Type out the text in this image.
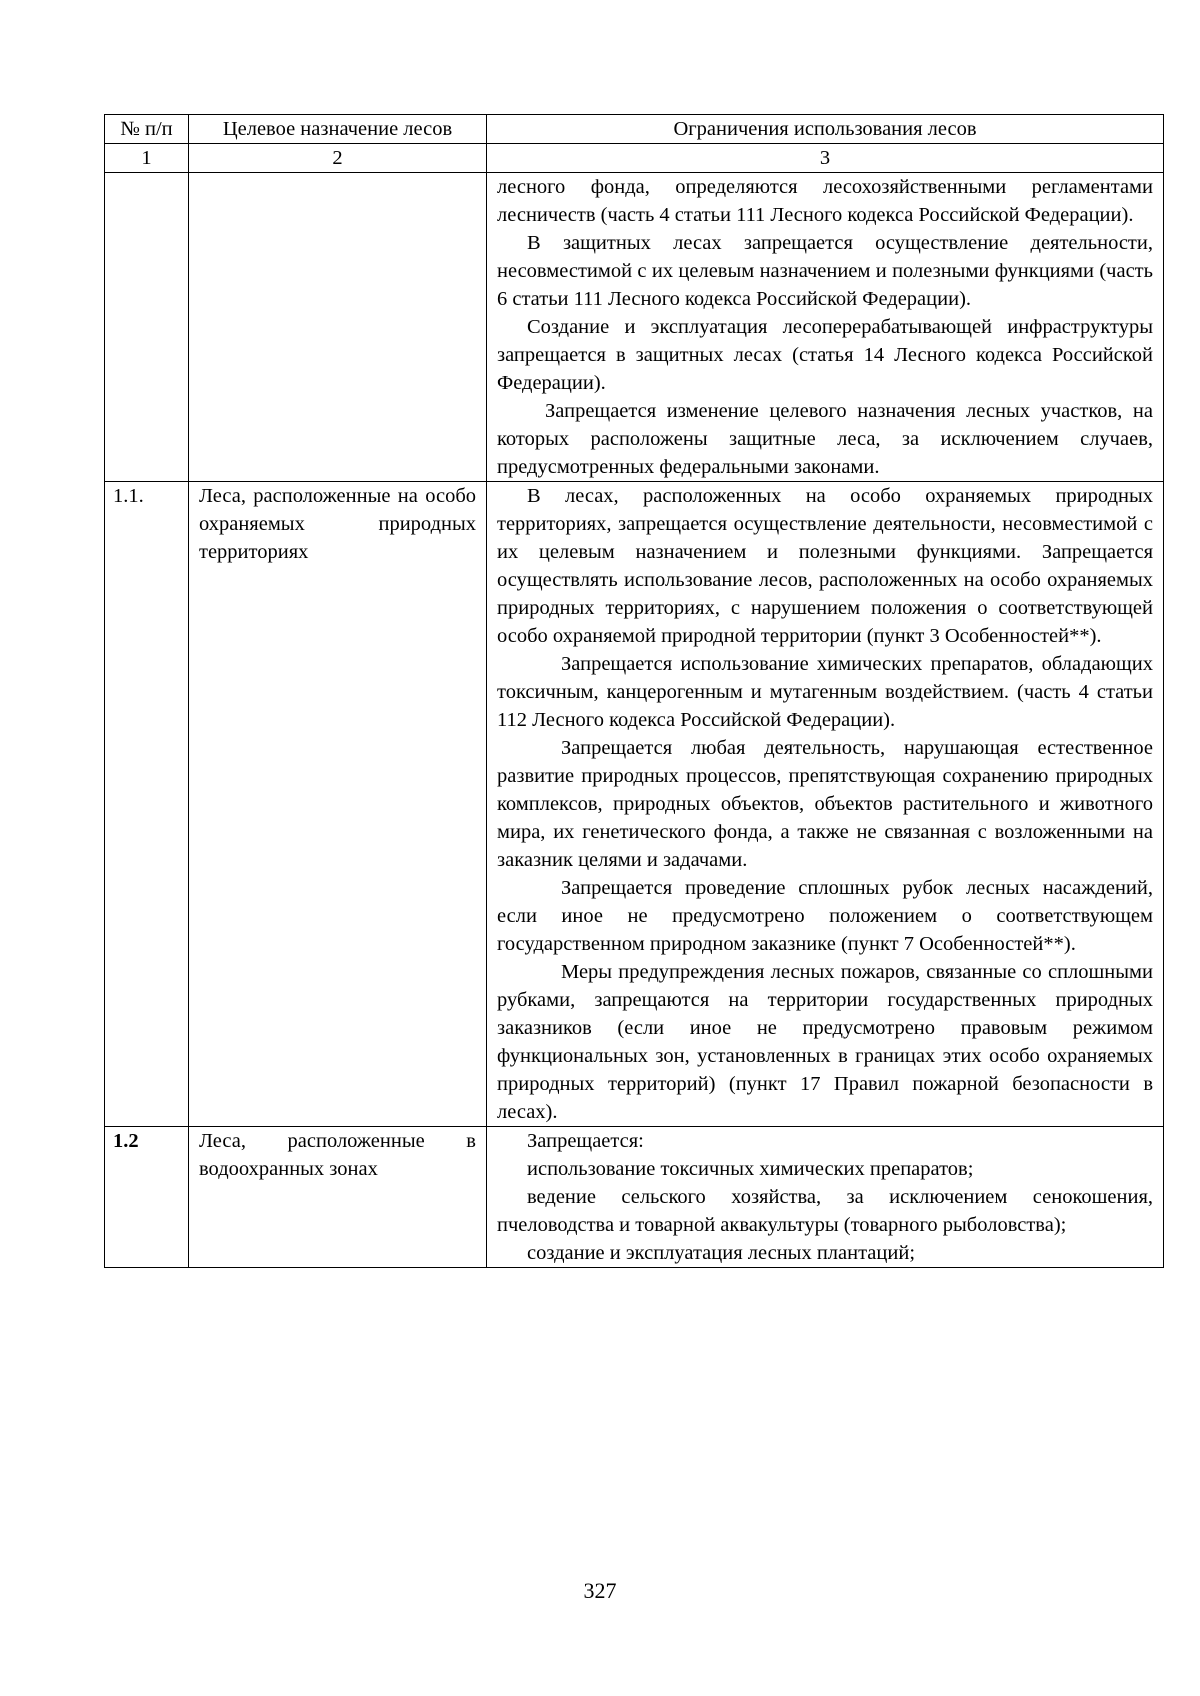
№ п/п	Целевое назначение лесов	Ограничения использования лесов
1	2	3

		лесного фонда, определяются лесохозяйственными регламентами лесничеств (часть 4 статьи 111 Лесного кодекса Российской Федерации).

В защитных лесах запрещается осуществление деятельности, несовместимой с их целевым назначением и полезными функциями (часть 6 статьи 111 Лесного кодекса Российской Федерации).

Создание и эксплуатация лесоперерабатывающей инфраструктуры запрещается в защитных лесах (статья 14 Лесного кодекса Российской Федерации).

Запрещается изменение целевого назначения лесных участков, на которых расположены защитные леса, за исключением случаев, предусмотренных федеральными законами.

1.1.	Леса, расположенные на особо охраняемых природных территориях	В лесах, расположенных на особо охраняемых природных территориях, запрещается осуществление деятельности, несовместимой с их целевым назначением и полезными функциями. Запрещается осуществлять использование лесов, расположенных на особо охраняемых природных территориях, с нарушением положения о соответствующей особо охраняемой природной территории (пункт 3 Особенностей**).

Запрещается использование химических препаратов, обладающих токсичным, канцерогенным и мутагенным воздействием. (часть 4 статьи 112 Лесного кодекса Российской Федерации).

Запрещается любая деятельность, нарушающая естественное развитие природных процессов, препятствующая сохранению природных комплексов, природных объектов, объектов растительного и животного мира, их генетического фонда, а также не связанная с возложенными на заказник целями и задачами.

Запрещается проведение сплошных рубок лесных насаждений, если иное не предусмотрено положением о соответствующем государственном природном заказнике (пункт 7 Особенностей**).

Меры предупреждения лесных пожаров, связанные со сплошными рубками, запрещаются на территории государственных природных заказников (если иное не предусмотрено правовым режимом функциональных зон, установленных в границах этих особо охраняемых природных территорий) (пункт 17 Правил пожарной безопасности в лесах).

1.2	Леса, расположенные в водоохранных зонах	Запрещается:

использование токсичных химических препаратов;

ведение сельского хозяйства, за исключением сенокошения, пчеловодства и товарной аквакультуры (товарного рыболовства);

создание и эксплуатация лесных плантаций;

327
